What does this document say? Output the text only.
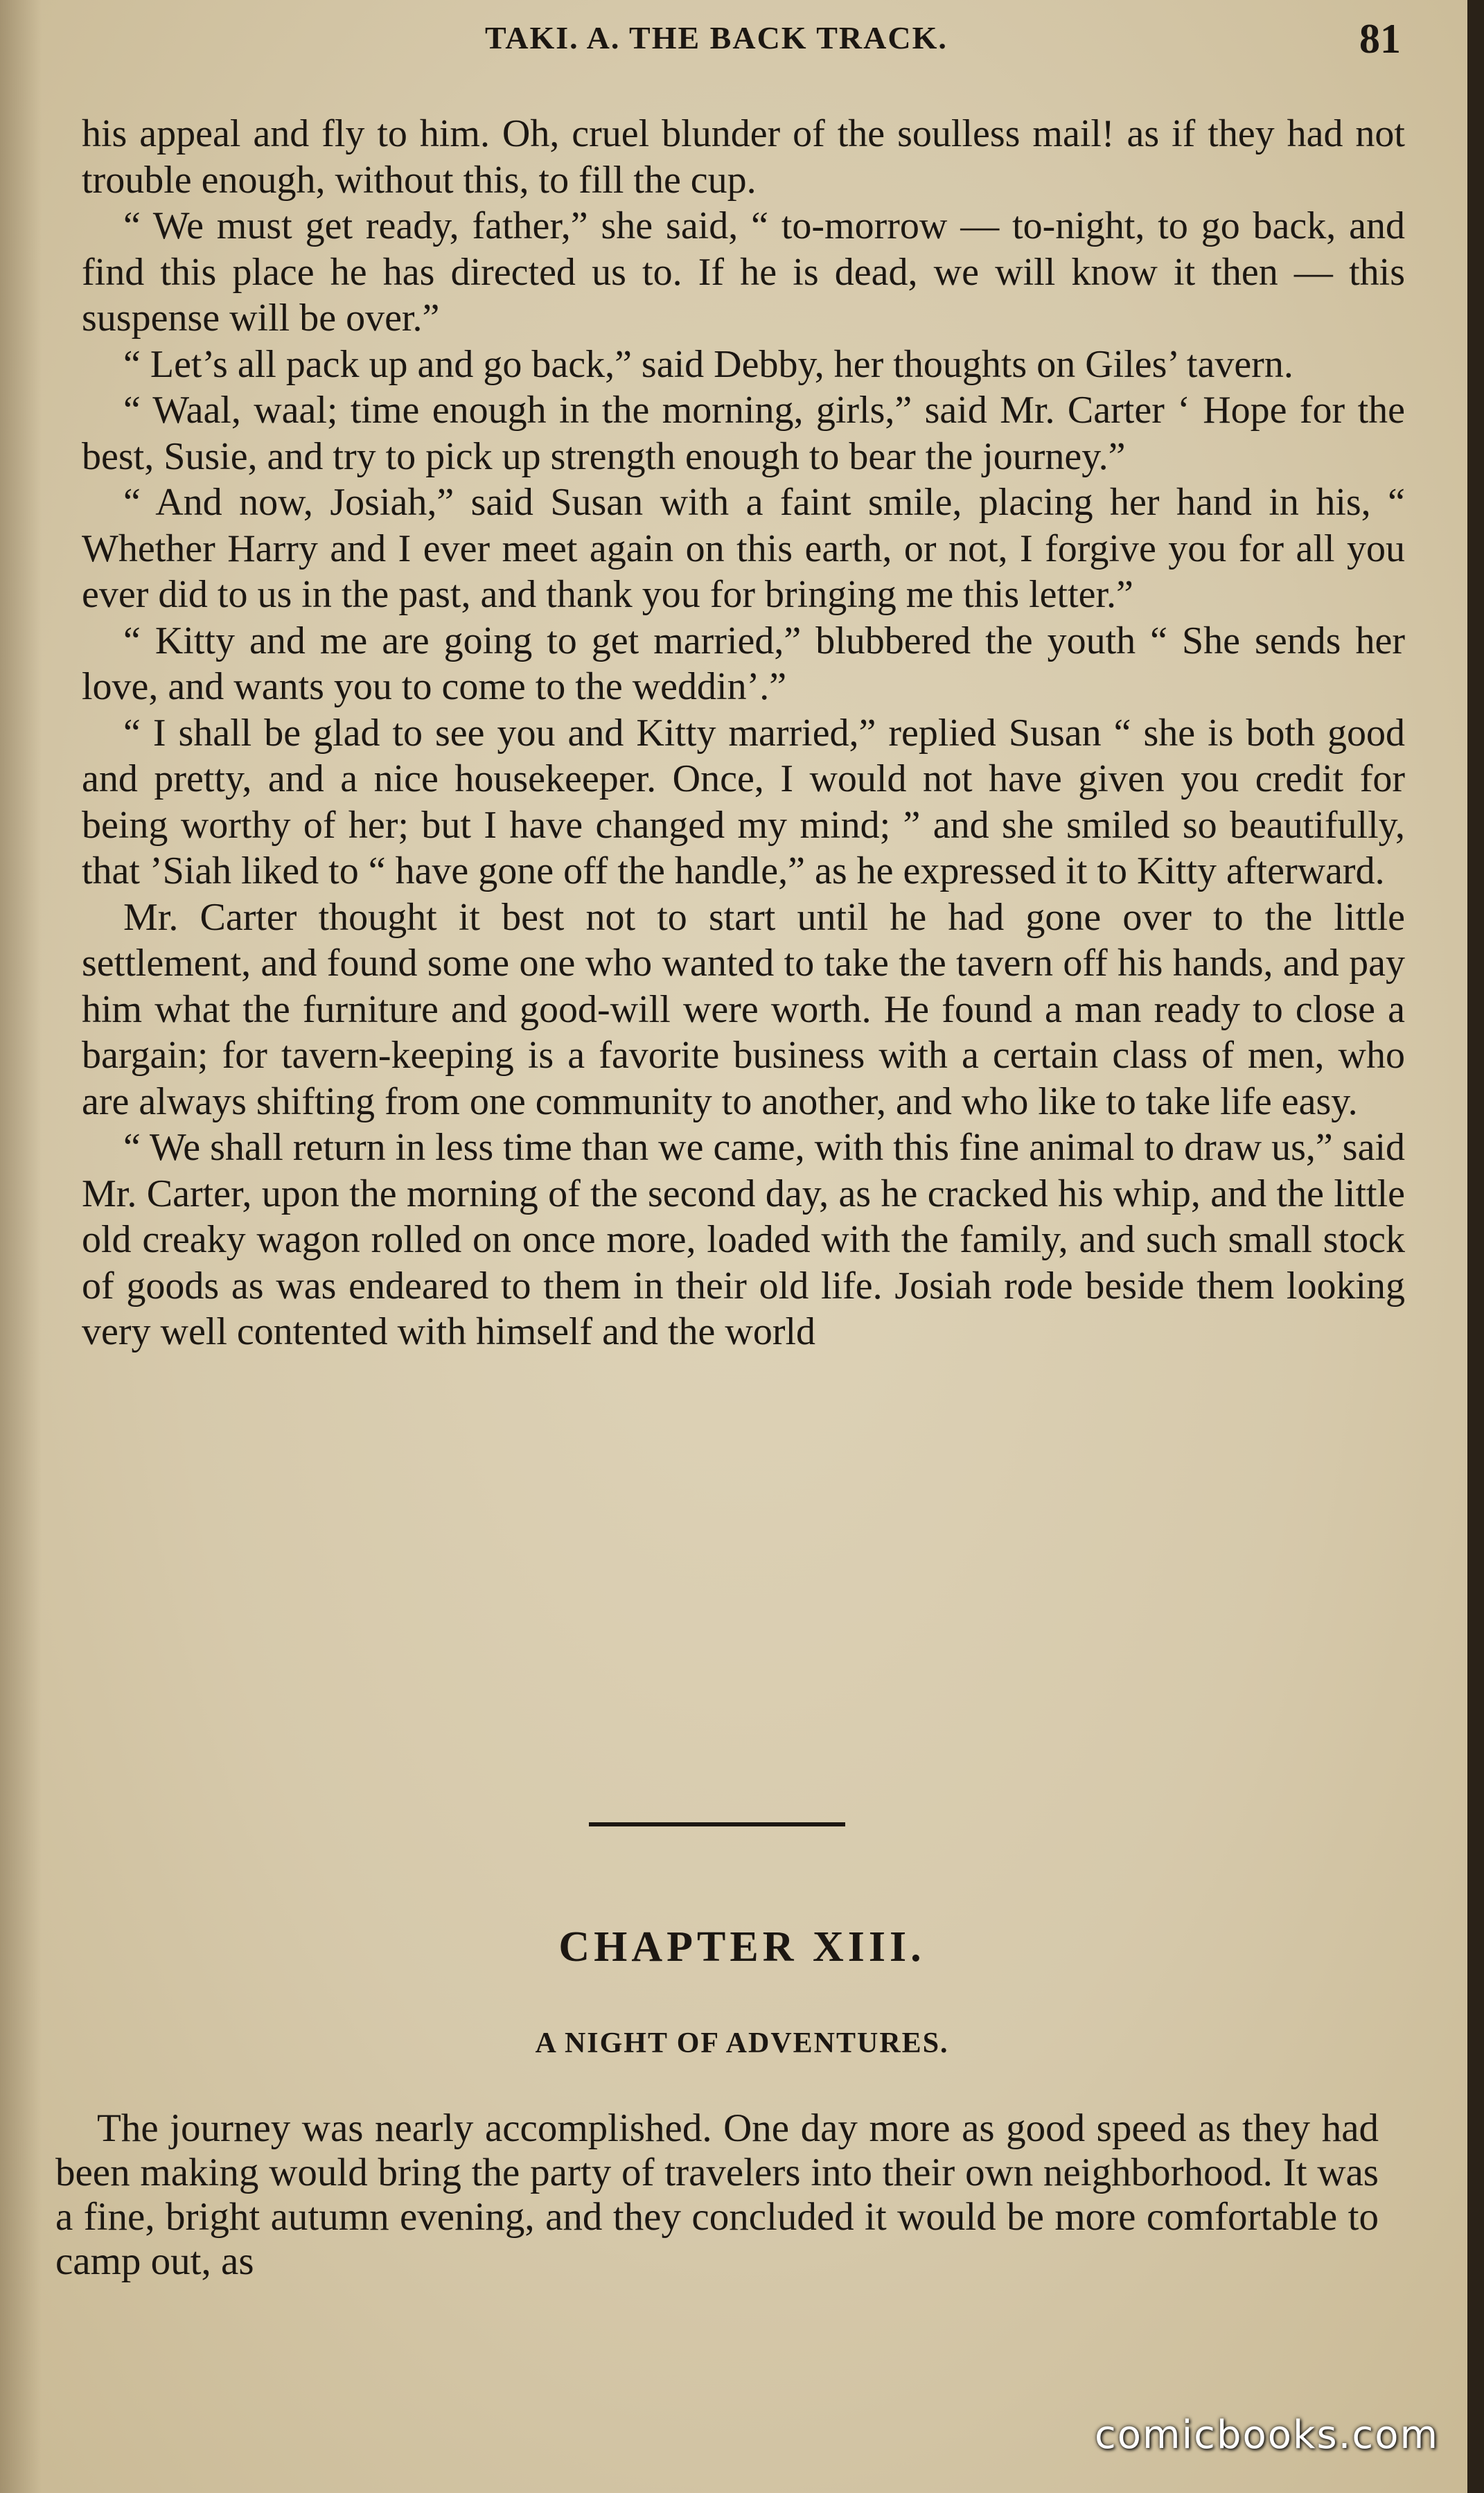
TAKI. A. THE BACK TRACK.	81

his appeal and fly to him. Oh, cruel blunder of the soulless mail! as if they had not trouble enough, without this, to fill the cup.

“ We must get ready, father,” she said, “ to-morrow — to-night, to go back, and find this place he has directed us to. If he is dead, we will know it then — this suspense will be over.”

“ Let’s all pack up and go back,” said Debby, her thoughts on Giles’ tavern.

“ Waal, waal; time enough in the morning, girls,” said Mr. Carter ‘ Hope for the best, Susie, and try to pick up strength enough to bear the journey.”

“ And now, Josiah,” said Susan with a faint smile, placing her hand in his, “ Whether Harry and I ever meet again on this earth, or not, I forgive you for all you ever did to us in the past, and thank you for bringing me this letter.”

“ Kitty and me are going to get married,” blubbered the youth “ She sends her love, and wants you to come to the weddin’.”

“ I shall be glad to see you and Kitty married,” replied Susan “ she is both good and pretty, and a nice housekeeper. Once, I would not have given you credit for being worthy of her; but I have changed my mind; ” and she smiled so beautifully, that ’Siah liked to “ have gone off the handle,” as he expressed it to Kitty afterward.

Mr. Carter thought it best not to start until he had gone over to the little settlement, and found some one who wanted to take the tavern off his hands, and pay him what the furniture and good-will were worth. He found a man ready to close a bargain; for tavern-keeping is a favorite business with a certain class of men, who are always shifting from one community to another, and who like to take life easy.

“ We shall return in less time than we came, with this fine animal to draw us,” said Mr. Carter, upon the morning of the second day, as he cracked his whip, and the little old creaky wagon rolled on once more, loaded with the family, and such small stock of goods as was endeared to them in their old life. Josiah rode beside them looking very well contented with himself and the world

CHAPTER XIII.
A NIGHT OF ADVENTURES.

The journey was nearly accomplished. One day more as good speed as they had been making would bring the party of travelers into their own neighborhood. It was a fine, bright autumn evening, and they concluded it would be more comfortable to camp out, as

comicbooks.com
